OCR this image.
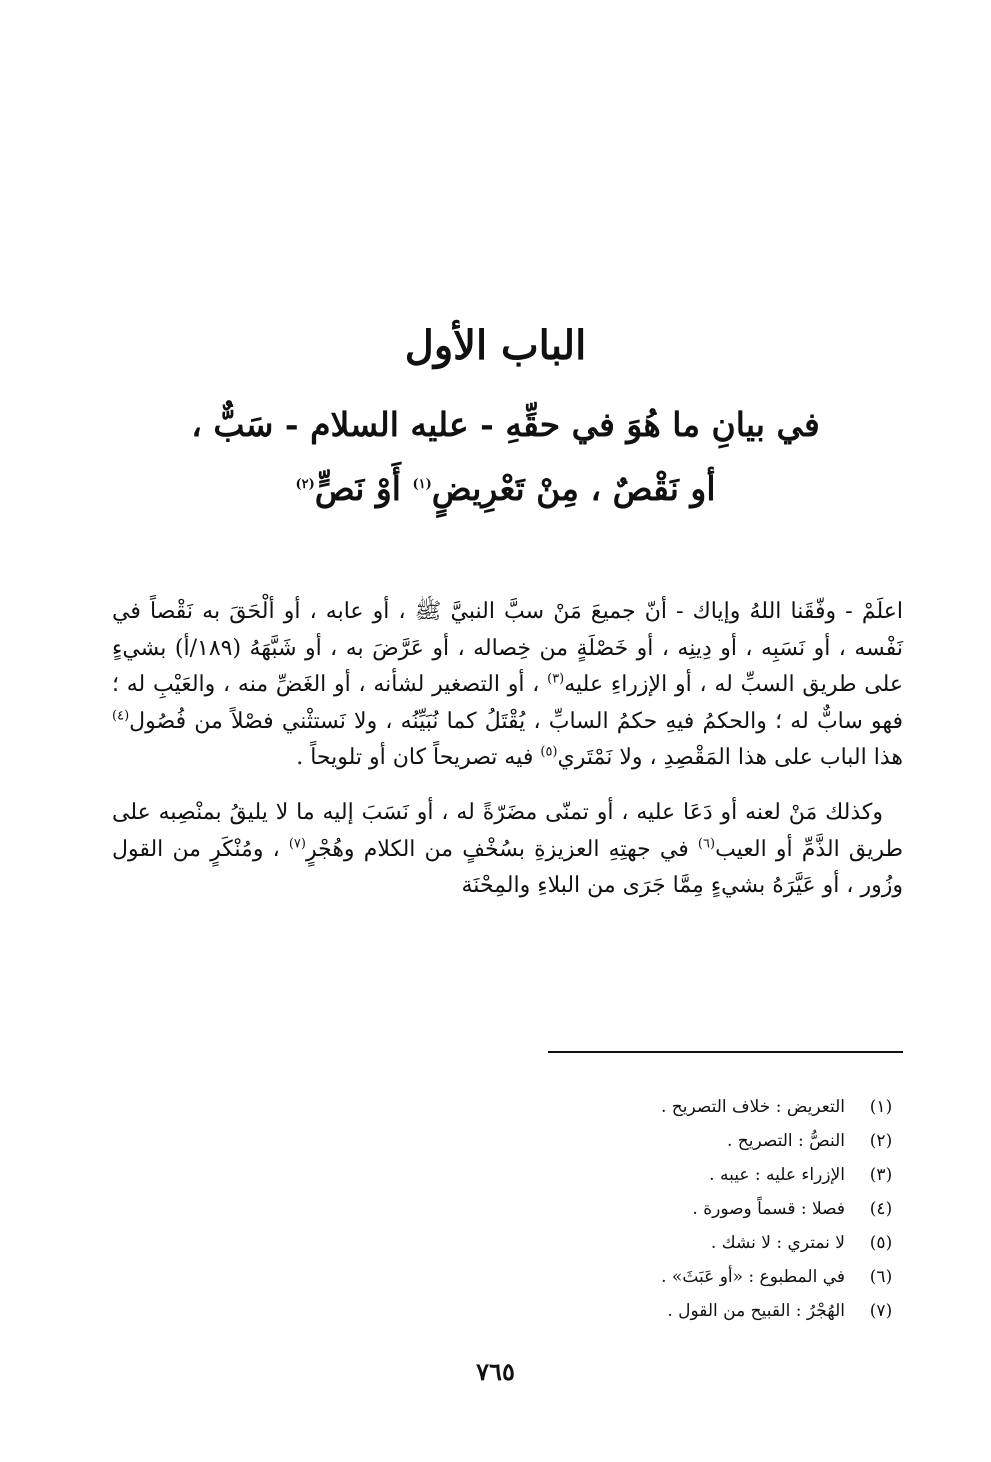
الباب الأول
في بيانِ ما هُوَ في حقِّهِ - عليه السلام - سَبٌّ ،
أو نَقْصٌ ، مِنْ تَعْرِيضٍ$^{(١)}$ أَوْ نَصٍّ$^{(٢)}$

اعلَمْ - وفّقَنا اللهُ وإياك - أنّ جميعَ مَنْ سبَّ النبيَّ ﷺ ، أو عابه ، أو ألْحَقَ به نَقْصاً في نَفْسه ، أو نَسَبِه ، أو دِينِه ، أو خَصْلَةٍ من خِصاله ، أو عَرَّضَ به ، أو شَبَّهَهُ (١٨٩/أ) بشيءٍ على طريق السبِّ له ، أو الإزراءِ عليه$^{(٣)}$ ، أو التصغير لشأنه ، أو الغَضِّ منه ، والعَيْبِ له ؛ فهو سابٌّ له ؛ والحكمُ فيهِ حكمُ السابِّ ، يُقْتَلُ كما نُبَيِّنُه ، ولا نَستثْني فصْلاً من فُصُول$^{(٤)}$ هذا الباب على هذا المَقْصِدِ ، ولا نَمْتَري$^{(٥)}$ فيه تصريحاً كان أو تلويحاً .

وكذلك مَنْ لعنه أو دَعَا عليه ، أو تمنّى مضَرّةً له ، أو نَسَبَ إليه ما لا يليقُ بمنْصِبه على طريق الذَّمِّ أو العيب$^{(٦)}$ في جهتِهِ العزيزةِ بسُخْفٍ من الكلام وهُجْرٍ$^{(٧)}$ ، ومُنْكَرٍ من القول وزُور ، أو عَيَّرَهُ بشيءٍ مِمَّا جَرَى من البلاءِ والمِحْنَة

(١)
التعريض : خلاف التصريح .
(٢)
النصُّ : التصريح .
(٣)
الإزراء عليه : عيبه .
(٤)
فصلا : قسماً وصورة .
(٥)
لا نمتري : لا نشك .
(٦)
في المطبوع : «أو عَبَثَ» .
(٧)
الهُجْرُ : القبيح من القول .
٧٦٥
